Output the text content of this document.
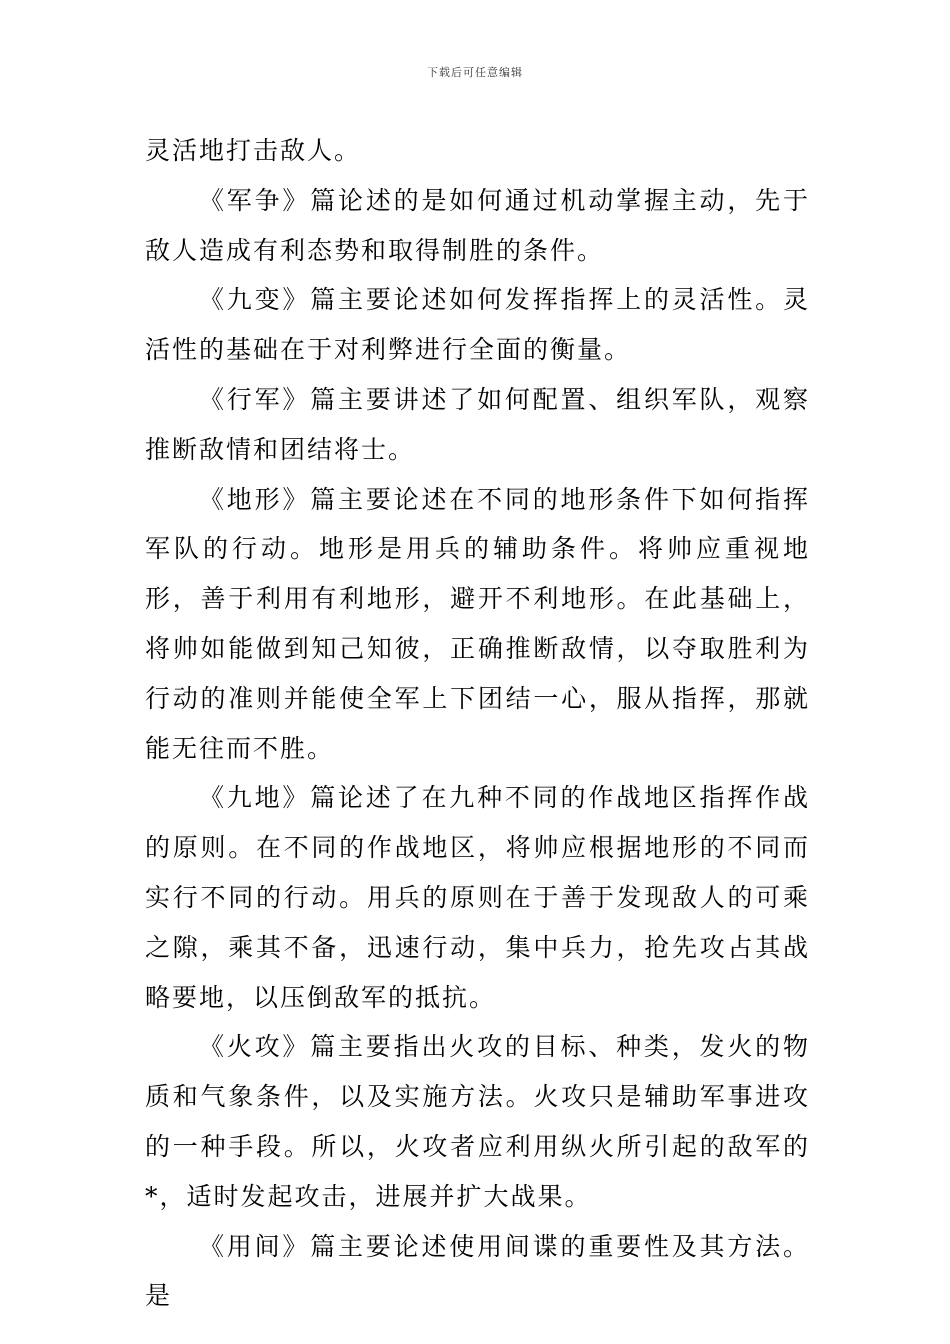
下载后可任意编辑

灵活地打击敌人。

《军争》篇论述的是如何通过机动掌握主动，先于敌人造成有利态势和取得制胜的条件。

《九变》篇主要论述如何发挥指挥上的灵活性。灵活性的基础在于对利弊进行全面的衡量。

《行军》篇主要讲述了如何配置、组织军队，观察推断敌情和团结将士。

《地形》篇主要论述在不同的地形条件下如何指挥军队的行动。地形是用兵的辅助条件。将帅应重视地形，善于利用有利地形，避开不利地形。在此基础上，将帅如能做到知己知彼，正确推断敌情，以夺取胜利为行动的准则并能使全军上下团结一心，服从指挥，那就能无往而不胜。

《九地》篇论述了在九种不同的作战地区指挥作战的原则。在不同的作战地区，将帅应根据地形的不同而实行不同的行动。用兵的原则在于善于发现敌人的可乘之隙，乘其不备，迅速行动，集中兵力，抢先攻占其战略要地，以压倒敌军的抵抗。

《火攻》篇主要指出火攻的目标、种类，发火的物质和气象条件，以及实施方法。火攻只是辅助军事进攻的一种手段。所以，火攻者应利用纵火所引起的敌军的*，适时发起攻击，进展并扩大战果。

《用间》篇主要论述使用间谍的重要性及其方法。是
